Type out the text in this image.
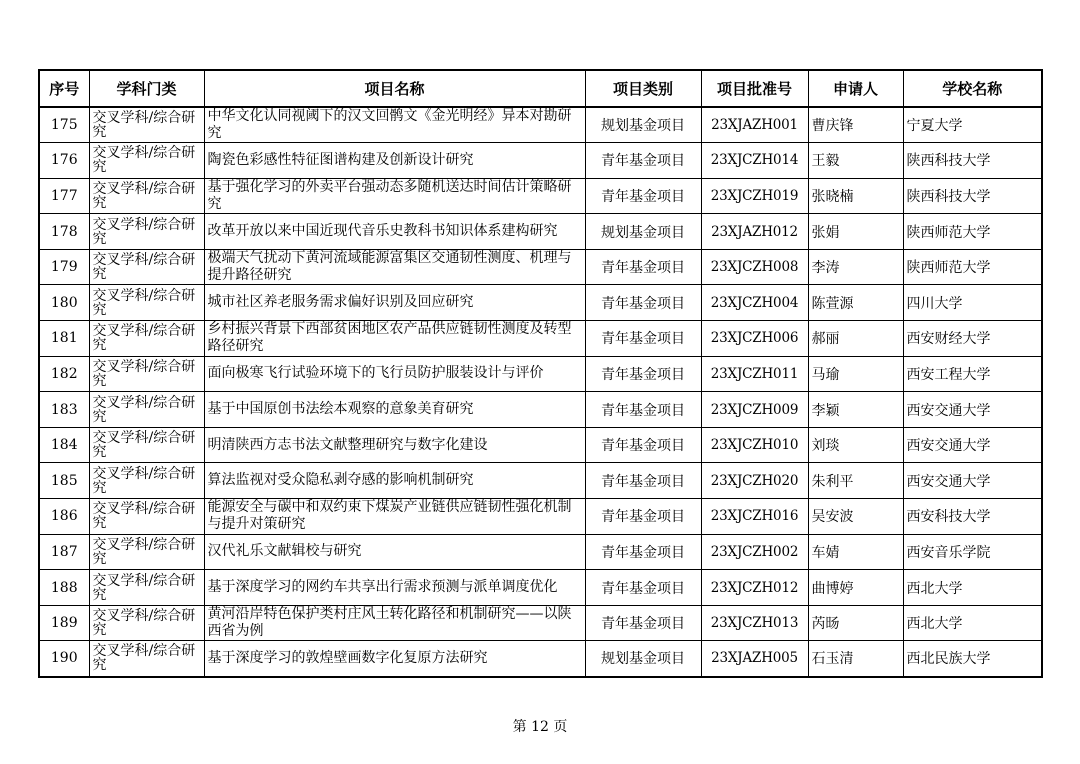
序号	学科门类	项目名称	项目类别	项目批准号	申请人	学校名称
175	交叉学科/综合研究	中华文化认同视阈下的汉文回鹘文《金光明经》异本对勘研究	规划基金项目	23XJAZH001	曹庆锋	宁夏大学
176	交叉学科/综合研究	陶瓷色彩感性特征图谱构建及创新设计研究	青年基金项目	23XJCZH014	王毅	陕西科技大学
177	交叉学科/综合研究	基于强化学习的外卖平台强动态多随机送达时间估计策略研究	青年基金项目	23XJCZH019	张晓楠	陕西科技大学
178	交叉学科/综合研究	改革开放以来中国近现代音乐史教科书知识体系建构研究	规划基金项目	23XJAZH012	张娟	陕西师范大学
179	交叉学科/综合研究	极端天气扰动下黄河流域能源富集区交通韧性测度、机理与提升路径研究	青年基金项目	23XJCZH008	李涛	陕西师范大学
180	交叉学科/综合研究	城市社区养老服务需求偏好识别及回应研究	青年基金项目	23XJCZH004	陈萱源	四川大学
181	交叉学科/综合研究	乡村振兴背景下西部贫困地区农产品供应链韧性测度及转型路径研究	青年基金项目	23XJCZH006	郝丽	西安财经大学
182	交叉学科/综合研究	面向极寒飞行试验环境下的飞行员防护服装设计与评价	青年基金项目	23XJCZH011	马瑜	西安工程大学
183	交叉学科/综合研究	基于中国原创书法绘本观察的意象美育研究	青年基金项目	23XJCZH009	李颖	西安交通大学
184	交叉学科/综合研究	明清陕西方志书法文献整理研究与数字化建设	青年基金项目	23XJCZH010	刘琰	西安交通大学
185	交叉学科/综合研究	算法监视对受众隐私剥夺感的影响机制研究	青年基金项目	23XJCZH020	朱利平	西安交通大学
186	交叉学科/综合研究	能源安全与碳中和双约束下煤炭产业链供应链韧性强化机制与提升对策研究	青年基金项目	23XJCZH016	吴安波	西安科技大学
187	交叉学科/综合研究	汉代礼乐文献辑校与研究	青年基金项目	23XJCZH002	车婧	西安音乐学院
188	交叉学科/综合研究	基于深度学习的网约车共享出行需求预测与派单调度优化	青年基金项目	23XJCZH012	曲博婷	西北大学
189	交叉学科/综合研究	黄河沿岸特色保护类村庄风土转化路径和机制研究——以陕西省为例	青年基金项目	23XJCZH013	芮旸	西北大学
190	交叉学科/综合研究	基于深度学习的敦煌壁画数字化复原方法研究	规划基金项目	23XJAZH005	石玉清	西北民族大学
第 12 页
